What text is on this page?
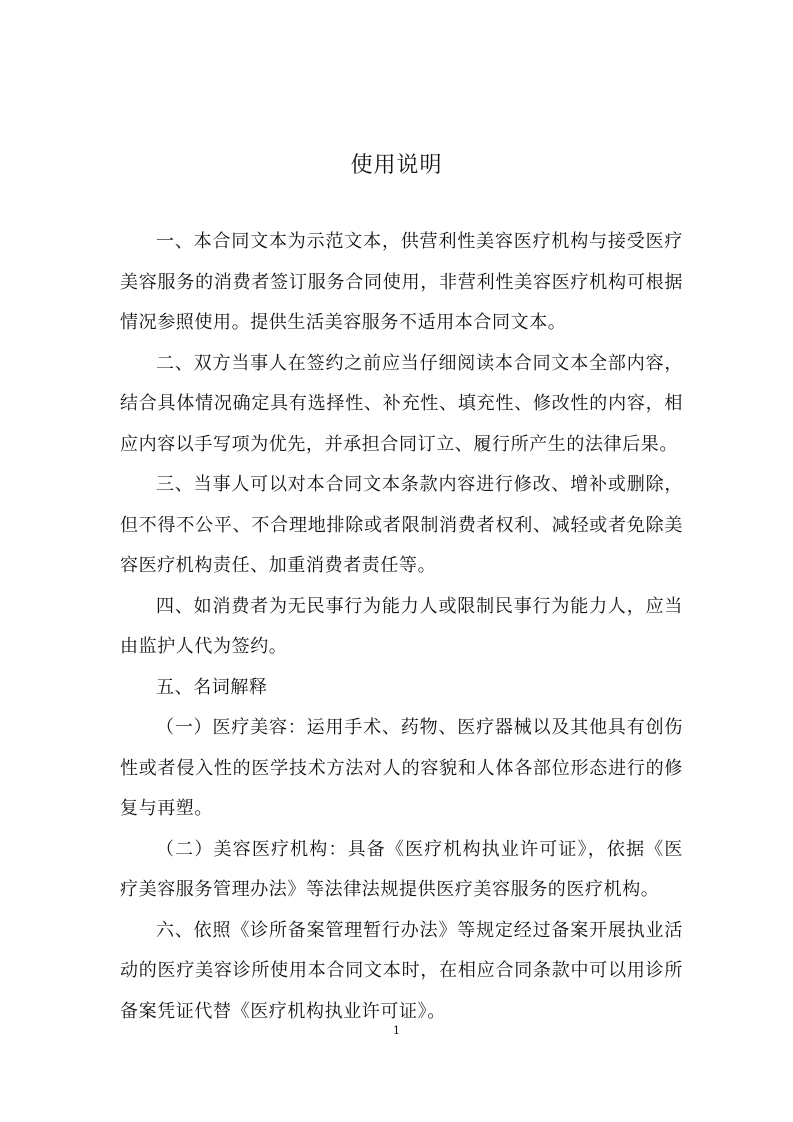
使用说明

一、本合同文本为示范文本，供营利性美容医疗机构与接受医疗美容服务的消费者签订服务合同使用，非营利性美容医疗机构可根据情况参照使用。提供生活美容服务不适用本合同文本。

二、双方当事人在签约之前应当仔细阅读本合同文本全部内容，结合具体情况确定具有选择性、补充性、填充性、修改性的内容，相应内容以手写项为优先，并承担合同订立、履行所产生的法律后果。

三、当事人可以对本合同文本条款内容进行修改、增补或删除，但不得不公平、不合理地排除或者限制消费者权利、减轻或者免除美容医疗机构责任、加重消费者责任等。

四、如消费者为无民事行为能力人或限制民事行为能力人，应当由监护人代为签约。

五、名词解释

（一）医疗美容：运用手术、药物、医疗器械以及其他具有创伤性或者侵入性的医学技术方法对人的容貌和人体各部位形态进行的修复与再塑。

（二）美容医疗机构：具备《医疗机构执业许可证》，依据《医疗美容服务管理办法》等法律法规提供医疗美容服务的医疗机构。

六、依照《诊所备案管理暂行办法》等规定经过备案开展执业活动的医疗美容诊所使用本合同文本时，在相应合同条款中可以用诊所备案凭证代替《医疗机构执业许可证》。

1
